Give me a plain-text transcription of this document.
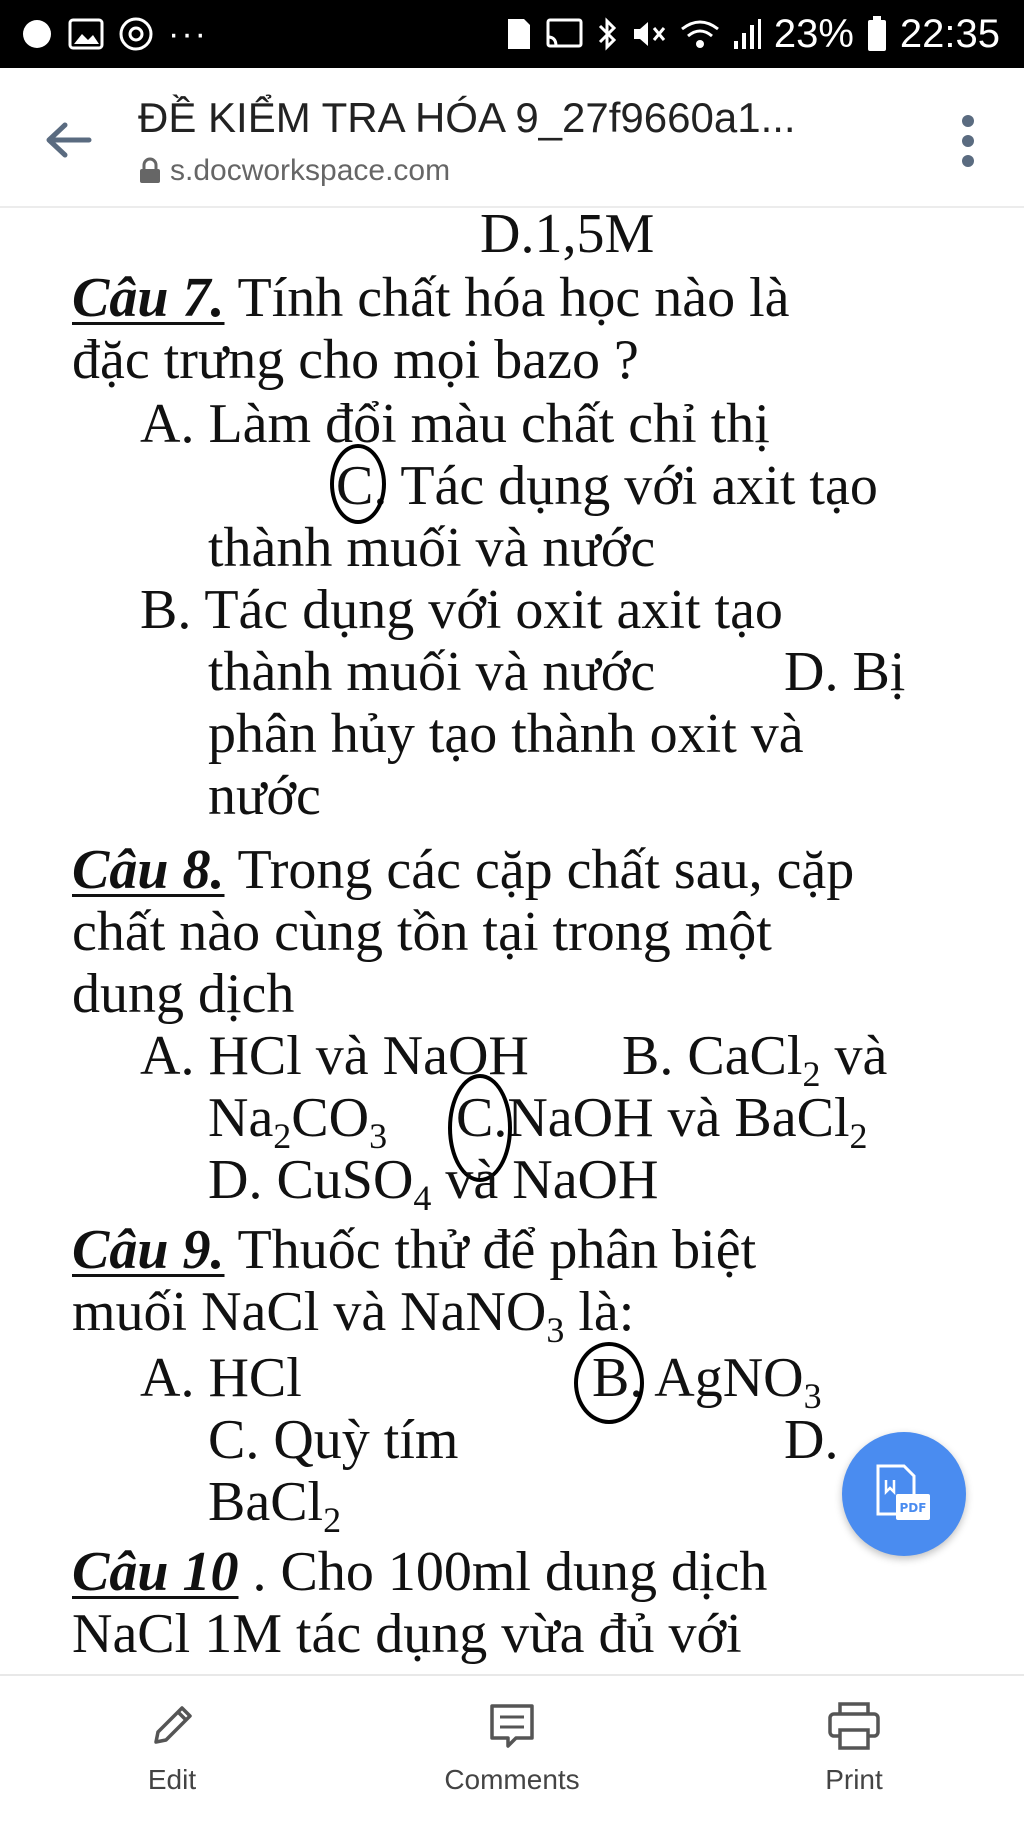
···	23% 22:35
ĐỀ KIỂM TRA HÓA 9_27f9660a1...
s.docworkspace.com
D.1,5M
Câu 7. Tính chất hóa học nào là
đặc trưng cho mọi bazo ?
A. Làm đổi màu chất chỉ thị
C. Tác dụng với axit tạo
thành muối và nước
B. Tác dụng với oxit axit tạo
thành muối và nước D. Bị
phân hủy tạo thành oxit và
nước
Câu 8. Trong các cặp chất sau, cặp
chất nào cùng tồn tại trong một
dung dịch
A. HCl và NaOH B. CaCl$_2$ và
$Na_2CO_3$ C.NaOH và BaCl$_2$
D. CuSO$_4$ và NaOH
Câu 9. Thuốc thử để phân biệt
muối NaCl và NaNO$_3$ là:
A. HCl	B. AgNO$_3$
C. Quỳ tím	D.
BaCl$_2$
Câu 10 . Cho 100ml dung dịch
NaCl 1M tác dụng vừa đủ với
PDF
Edit	Comments	Print
